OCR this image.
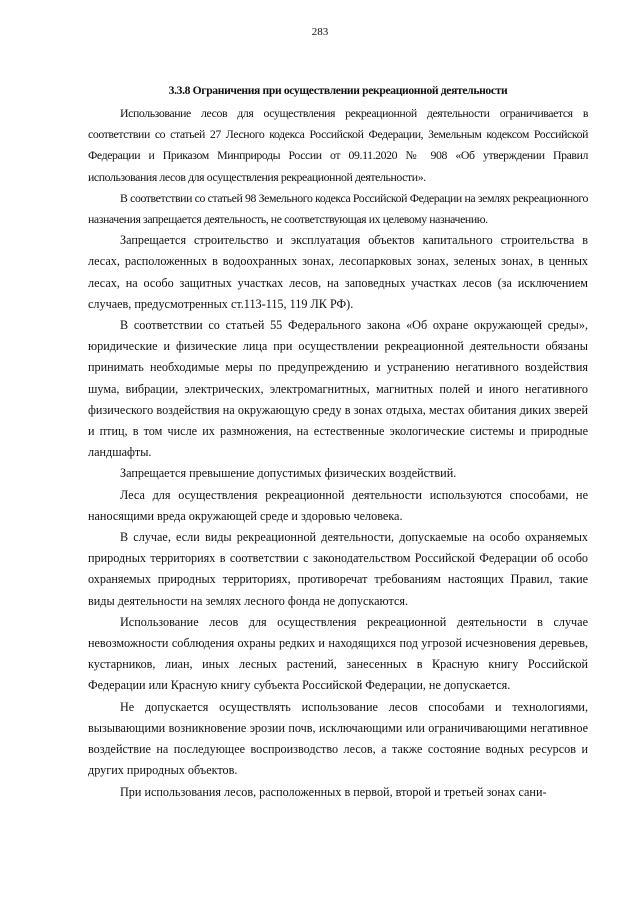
283
3.3.8 Ограничения при осуществлении рекреационной деятельности

Использование лесов для осуществления рекреационной деятельности ограничивается в соответствии со статьей 27 Лесного кодекса Российской Федерации, Земельным кодексом Российской Федерации и Приказом Минприроды России от 09.11.2020 № 908 «Об утверждении Правил использования лесов для осуществления рекреационной деятельности».

В соответствии со статьей 98 Земельного кодекса Российской Федерации на землях рекреационного назначения запрещается деятельность, не соответствующая их целевому назначению.

Запрещается строительство и эксплуатация объектов капитального строительства в лесах, расположенных в водоохранных зонах, лесопарковых зонах, зеленых зонах, в ценных лесах, на особо защитных участках лесов, на заповедных участках лесов (за исключением случаев, предусмотренных ст.113-115, 119 ЛК РФ).

В соответствии со статьей 55 Федерального закона «Об охране окружающей среды», юридические и физические лица при осуществлении рекреационной деятельности обязаны принимать необходимые меры по предупреждению и устранению негативного воздействия шума, вибрации, электрических, электромагнитных, магнитных полей и иного негативного физического воздействия на окружающую среду в зонах отдыха, местах обитания диких зверей и птиц, в том числе их размножения, на естественные экологические системы и природные ландшафты.

Запрещается превышение допустимых физических воздействий.

Леса для осуществления рекреационной деятельности используются способами, не наносящими вреда окружающей среде и здоровью человека.

В случае, если виды рекреационной деятельности, допускаемые на особо охраняемых природных территориях в соответствии с законодательством Российской Федерации об особо охраняемых природных территориях, противоречат требованиям настоящих Правил, такие виды деятельности на землях лесного фонда не допускаются.

Использование лесов для осуществления рекреационной деятельности в случае невозможности соблюдения охраны редких и находящихся под угрозой исчезновения деревьев, кустарников, лиан, иных лесных растений, занесенных в Красную книгу Российской Федерации или Красную книгу субъекта Российской Федерации, не допускается.

Не допускается осуществлять использование лесов способами и технологиями, вызывающими возникновение эрозии почв, исключающими или ограничивающими негативное воздействие на последующее воспроизводство лесов, а также состояние водных ресурсов и других природных объектов.

При использования лесов, расположенных в первой, второй и третьей зонах сани-
